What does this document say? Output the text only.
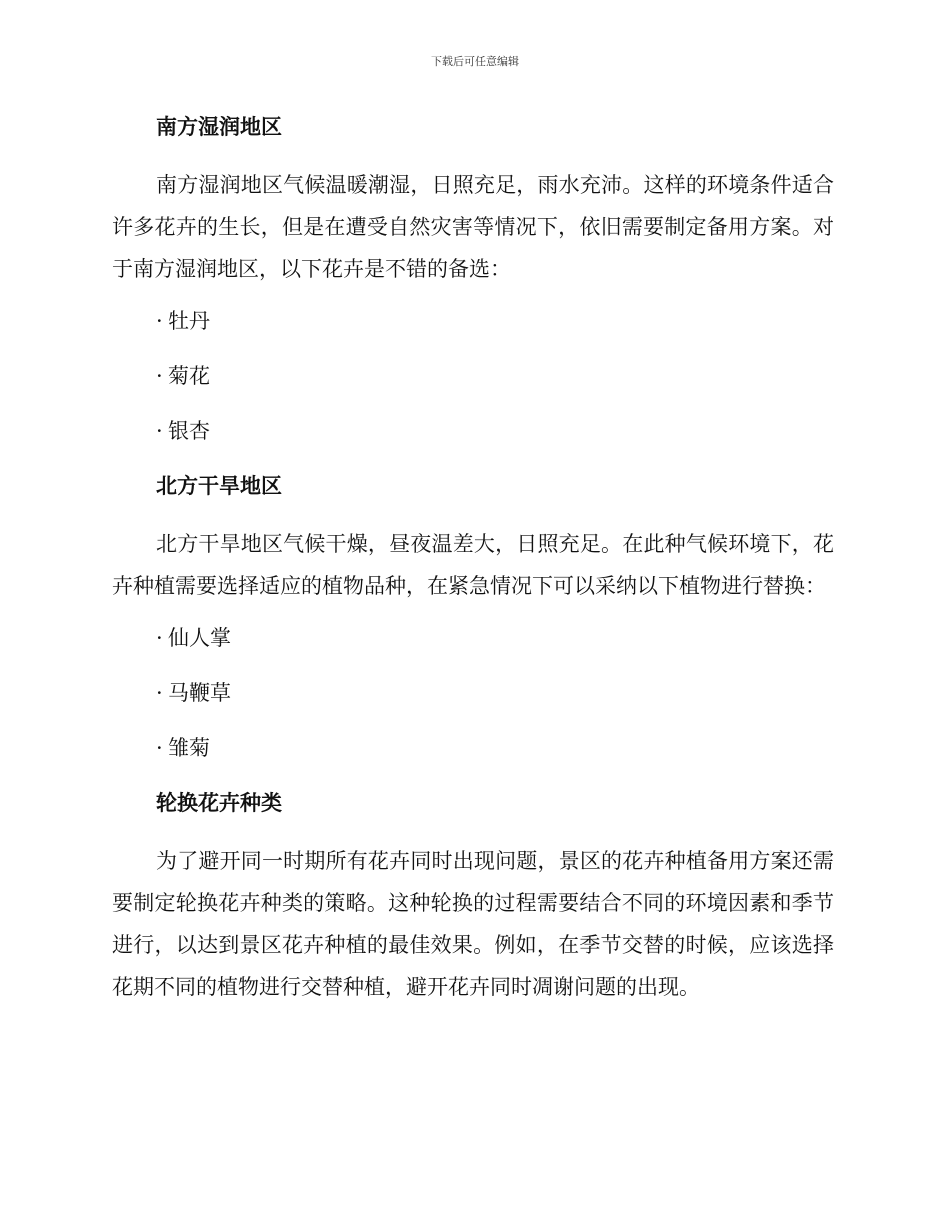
下载后可任意编辑
南方湿润地区

南方湿润地区气候温暖潮湿，日照充足，雨水充沛。这样的环境条件适合许多花卉的生长，但是在遭受自然灾害等情况下，依旧需要制定备用方案。对于南方湿润地区，以下花卉是不错的备选：

· 牡丹
· 菊花
· 银杏
北方干旱地区

北方干旱地区气候干燥，昼夜温差大，日照充足。在此种气候环境下，花卉种植需要选择适应的植物品种，在紧急情况下可以采纳以下植物进行替换：

· 仙人掌
· 马鞭草
· 雏菊
轮换花卉种类

为了避开同一时期所有花卉同时出现问题，景区的花卉种植备用方案还需要制定轮换花卉种类的策略。这种轮换的过程需要结合不同的环境因素和季节进行，以达到景区花卉种植的最佳效果。例如，在季节交替的时候，应该选择花期不同的植物进行交替种植，避开花卉同时凋谢问题的出现。
